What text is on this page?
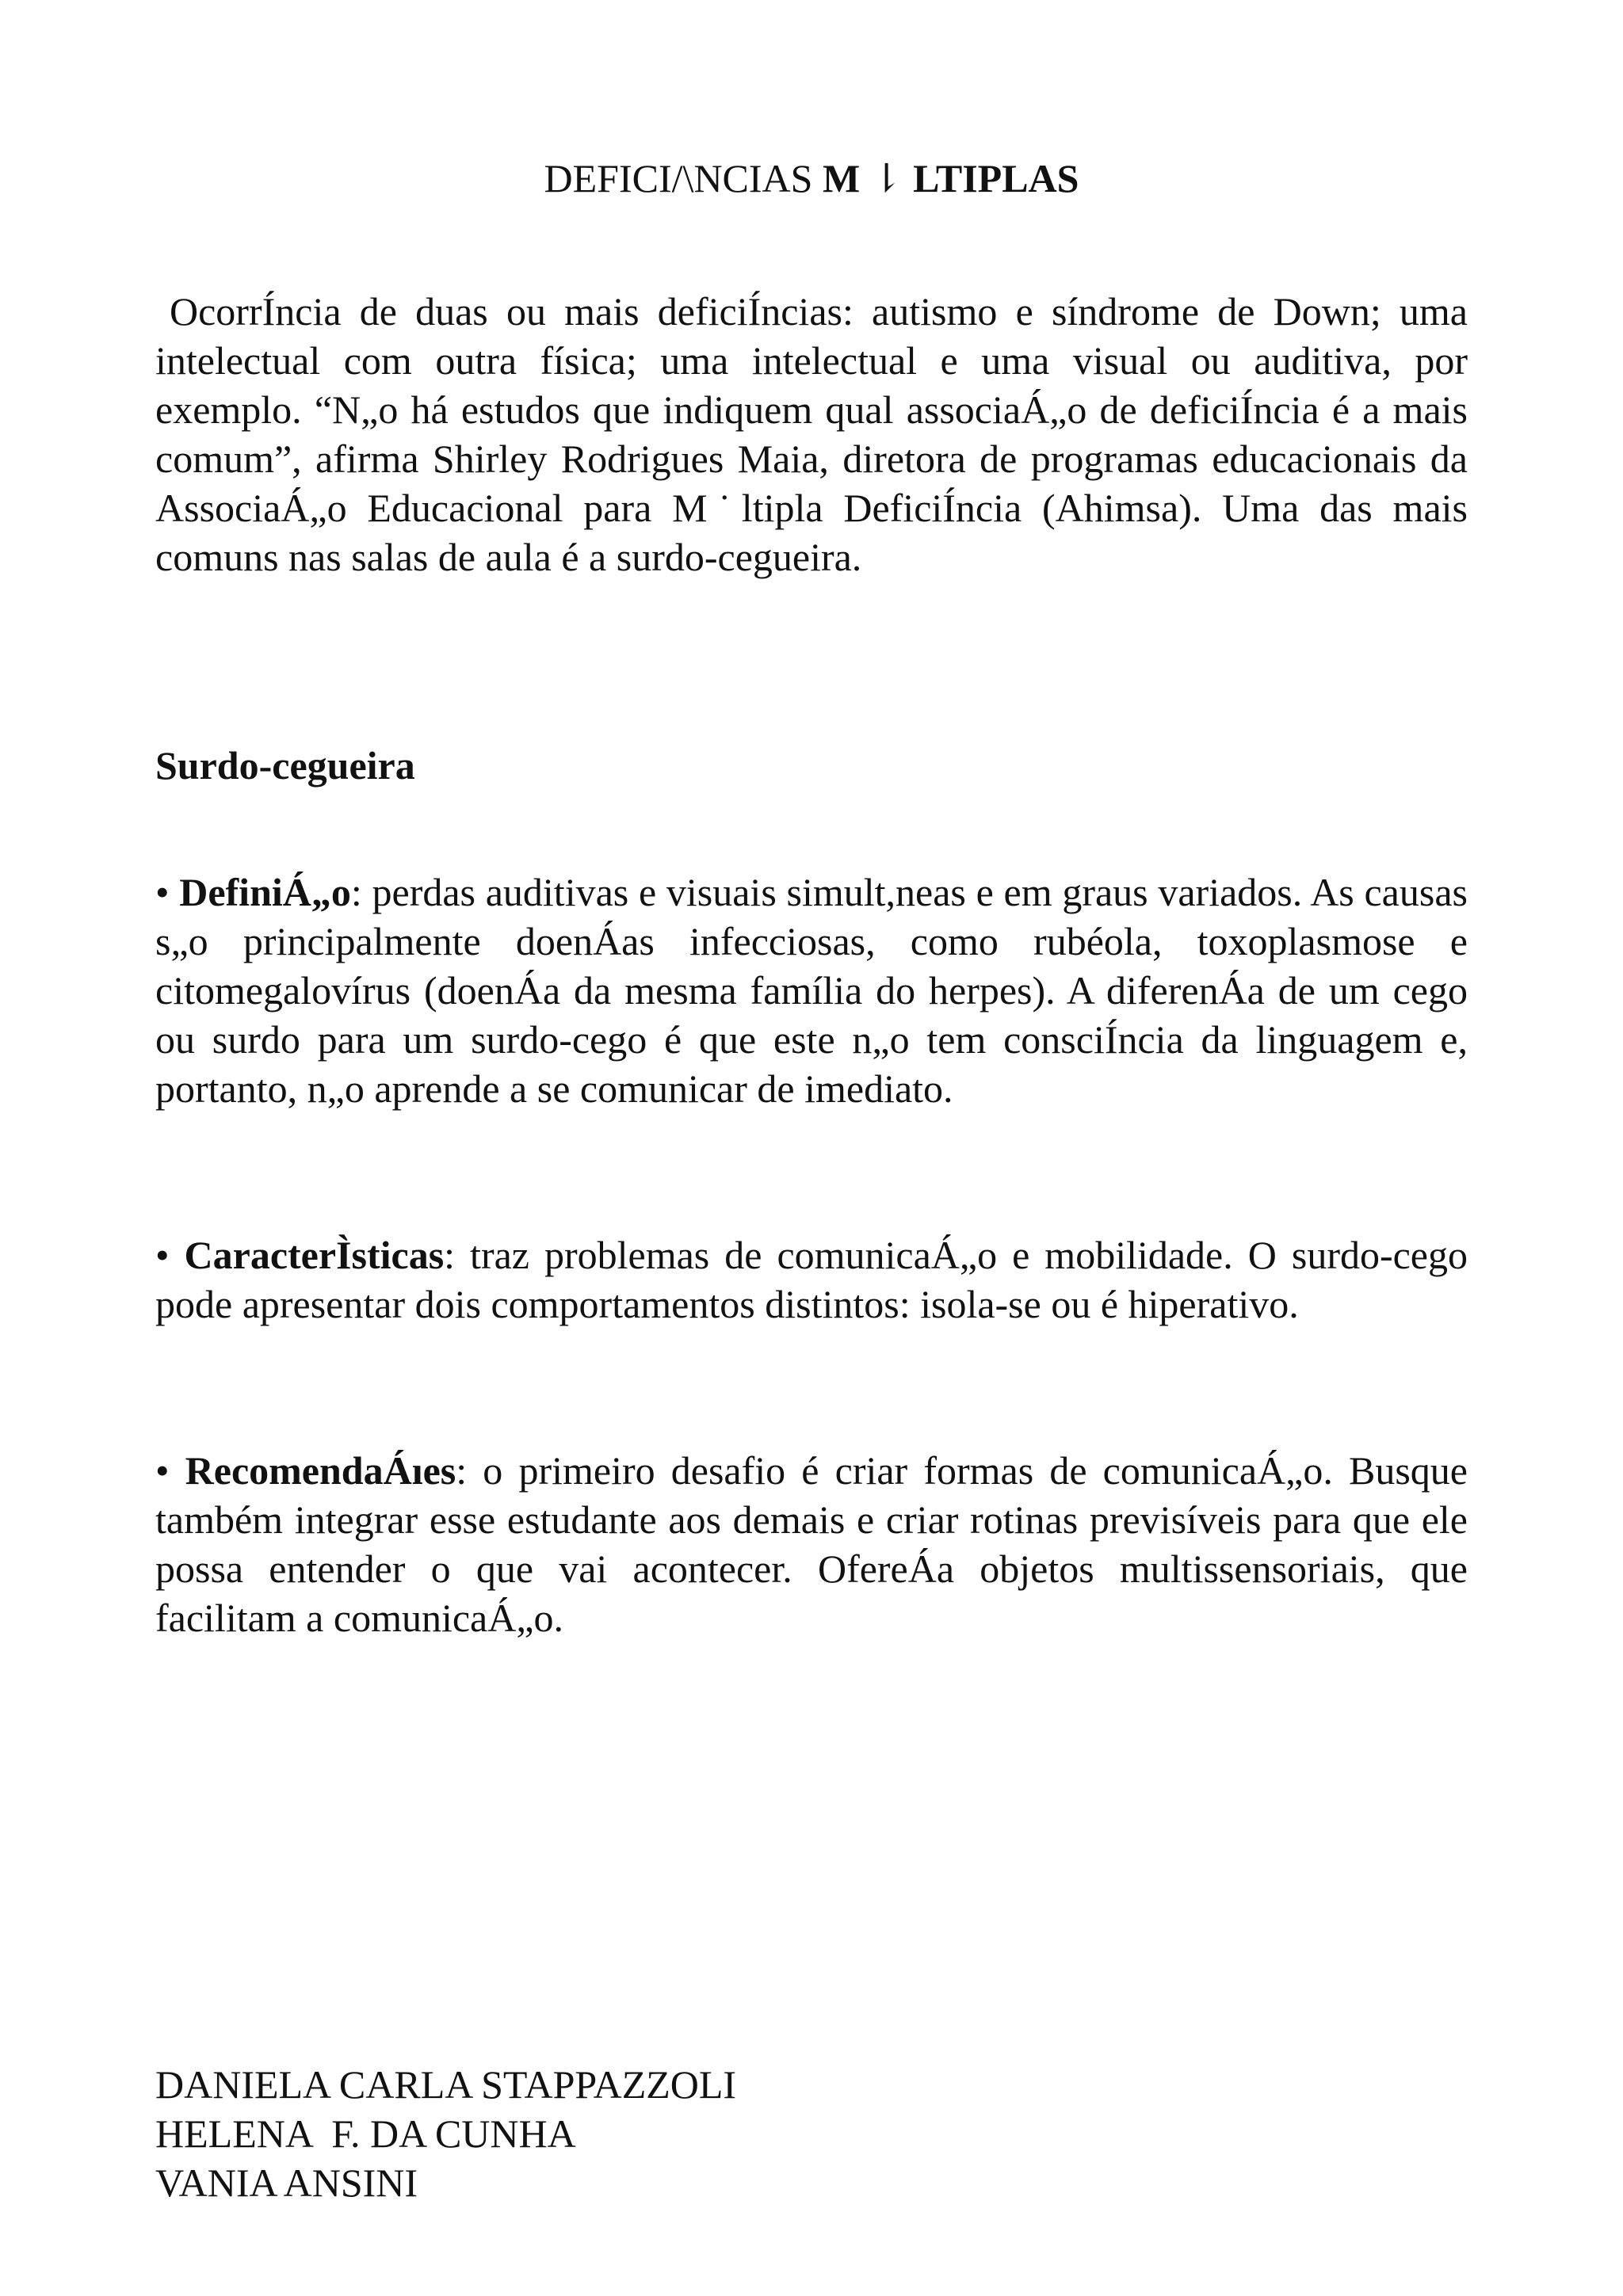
DEFICI/\NCIAS M ⇂ LTIPLAS
OcorrÍncia de duas ou mais deficiÍncias: autismo e síndrome de Down; uma intelectual com outra física; uma intelectual e uma visual ou auditiva, por exemplo. “N„o há estudos que indiquem qual associaÁ„o de deficiÍncia é a mais comum”, afirma Shirley Rodrigues Maia, diretora de programas educacionais da AssociaÁ„o Educacional para M˙ltipla DeficiÍncia (Ahimsa). Uma das mais comuns nas salas de aula é a surdo-cegueira.
Surdo-cegueira
• DefiniÁ„o: perdas auditivas e visuais simult,neas e em graus variados. As causas s„o principalmente doenÁas infecciosas, como rubéola, toxoplasmose e citomegalovírus (doenÁa da mesma família do herpes). A diferenÁa de um cego ou surdo para um surdo-cego é que este n„o tem consciÍncia da linguagem e, portanto, n„o aprende a se comunicar de imediato.
• CaracterÌsticas: traz problemas de comunicaÁ„o e mobilidade. O surdo-cego pode apresentar dois comportamentos distintos: isola-se ou é hiperativo.
• RecomendaÁıes: o primeiro desafio é criar formas de comunicaÁ„o. Busque também integrar esse estudante aos demais e criar rotinas previsíveis para que ele possa entender o que vai acontecer. OfereÁa objetos multissensoriais, que facilitam a comunicaÁ„o.
DANIELA CARLA STAPPAZZOLI
HELENA  F. DA CUNHA
VANIA ANSINI
